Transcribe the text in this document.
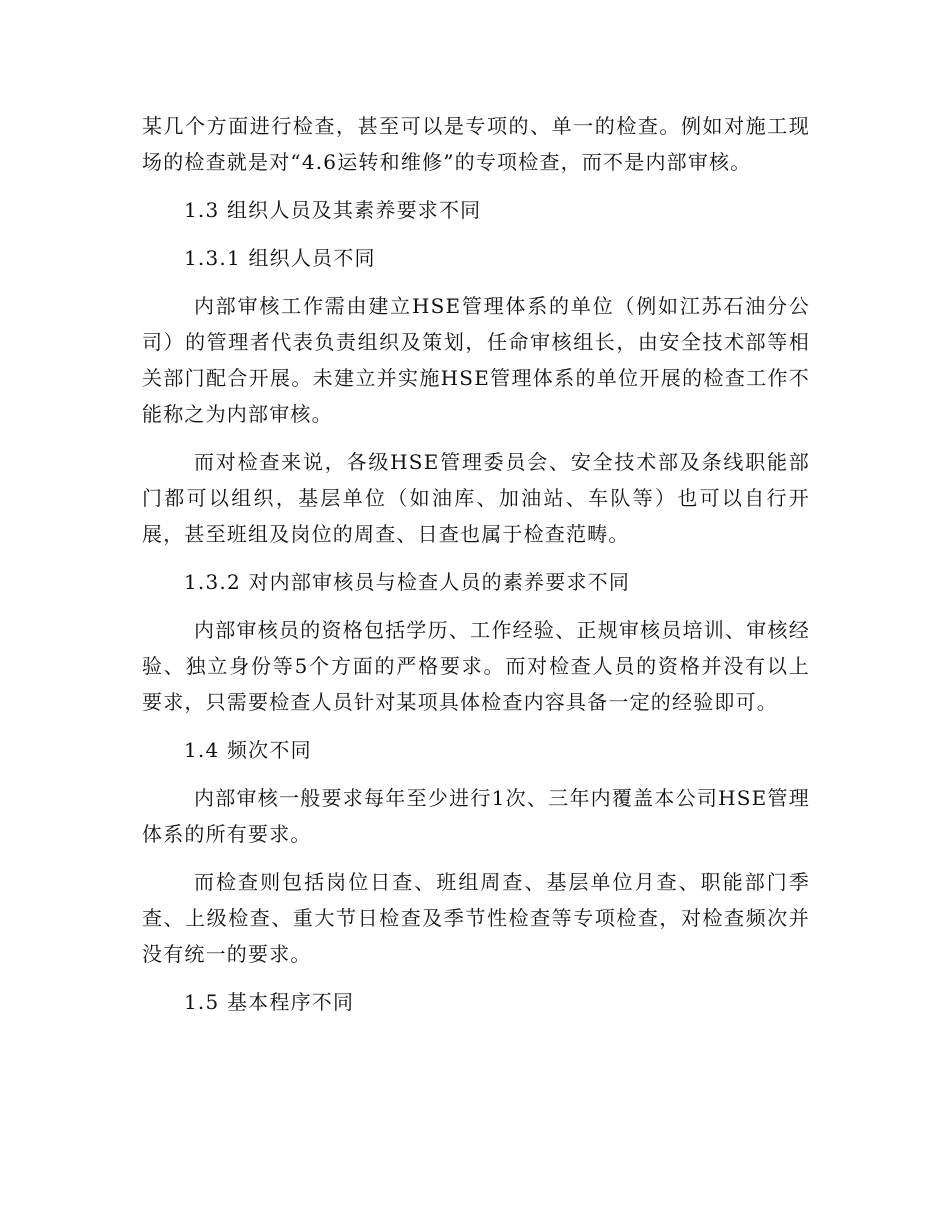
某几个方面进行检查，甚至可以是专项的、单一的检查。例如对施工现场的检查就是对“4.6运转和维修”的专项检查，而不是内部审核。

1.3 组织人员及其素养要求不同

1.3.1 组织人员不同

内部审核工作需由建立HSE管理体系的单位（例如江苏石油分公司）的管理者代表负责组织及策划，任命审核组长，由安全技术部等相关部门配合开展。未建立并实施HSE管理体系的单位开展的检查工作不能称之为内部审核。

而对检查来说，各级HSE管理委员会、安全技术部及条线职能部门都可以组织，基层单位（如油库、加油站、车队等）也可以自行开展，甚至班组及岗位的周查、日查也属于检查范畴。

1.3.2 对内部审核员与检查人员的素养要求不同

内部审核员的资格包括学历、工作经验、正规审核员培训、审核经验、独立身份等5个方面的严格要求。而对检查人员的资格并没有以上要求，只需要检查人员针对某项具体检查内容具备一定的经验即可。

1.4 频次不同

内部审核一般要求每年至少进行1次、三年内覆盖本公司HSE管理体系的所有要求。

而检查则包括岗位日查、班组周查、基层单位月查、职能部门季查、上级检查、重大节日检查及季节性检查等专项检查，对检查频次并没有统一的要求。

1.5 基本程序不同
